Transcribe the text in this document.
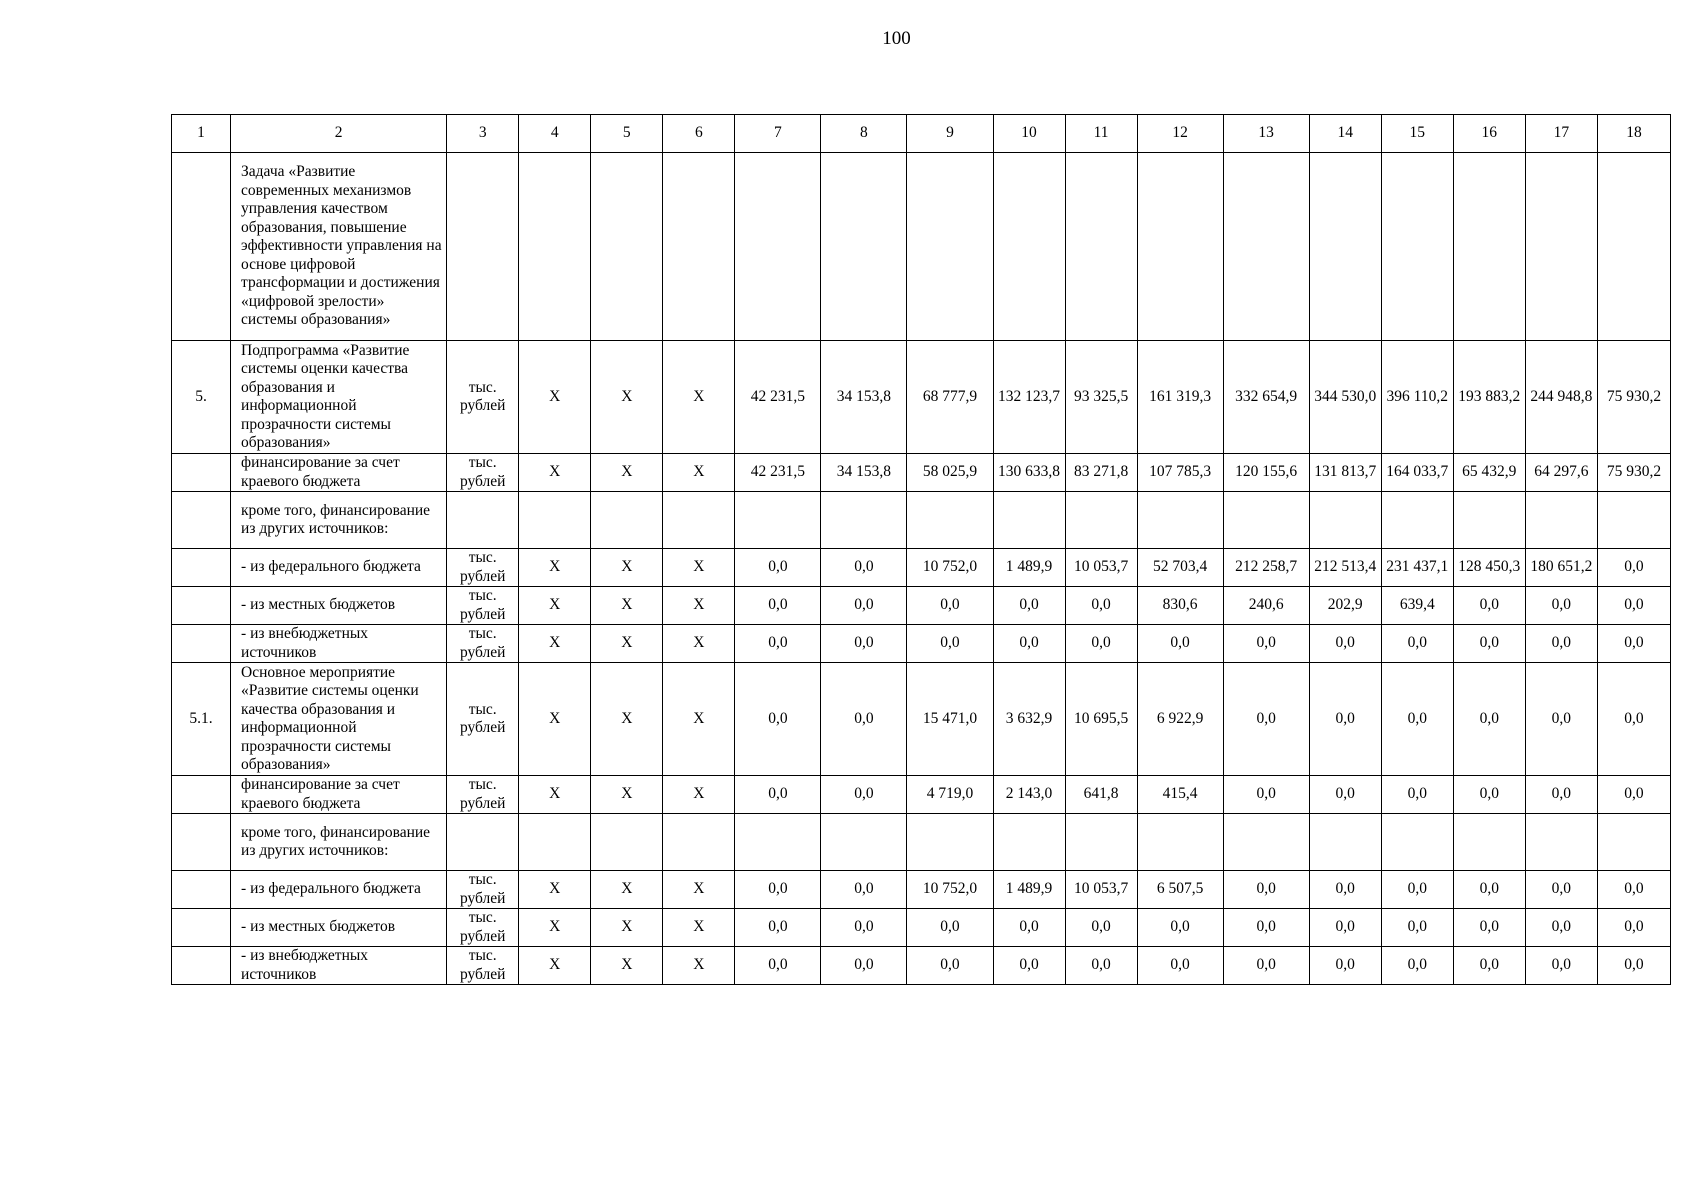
100
1	2	3	4	5	6	7	8	9	10	11	12	13	14	15	16	17	18
	Задача «Развитие современных механизмов управления качеством образования, повышение эффективности управления на основе цифровой трансформации и достижения «цифровой зрелости» системы образования»																
5.	Подпрограмма «Развитие системы оценки качества образования и информационной прозрачности системы образования»	тыс. рублей	Х	Х	Х	42 231,5	34 153,8	68 777,9	132 123,7	93 325,5	161 319,3	332 654,9	344 530,0	396 110,2	193 883,2	244 948,8	75 930,2
	финансирование за счет краевого бюджета	тыс. рублей	Х	Х	Х	42 231,5	34 153,8	58 025,9	130 633,8	83 271,8	107 785,3	120 155,6	131 813,7	164 033,7	65 432,9	64 297,6	75 930,2
	кроме того, финансирование из других источников:																
	- из федерального бюджета	тыс. рублей	Х	Х	Х	0,0	0,0	10 752,0	1 489,9	10 053,7	52 703,4	212 258,7	212 513,4	231 437,1	128 450,3	180 651,2	0,0
	- из местных бюджетов	тыс. рублей	Х	Х	Х	0,0	0,0	0,0	0,0	0,0	830,6	240,6	202,9	639,4	0,0	0,0	0,0
	- из внебюджетных источников	тыс. рублей	Х	Х	Х	0,0	0,0	0,0	0,0	0,0	0,0	0,0	0,0	0,0	0,0	0,0	0,0
5.1.	Основное мероприятие «Развитие системы оценки качества образования и информационной прозрачности системы образования»	тыс. рублей	Х	Х	Х	0,0	0,0	15 471,0	3 632,9	10 695,5	6 922,9	0,0	0,0	0,0	0,0	0,0	0,0
	финансирование за счет краевого бюджета	тыс. рублей	Х	Х	Х	0,0	0,0	4 719,0	2 143,0	641,8	415,4	0,0	0,0	0,0	0,0	0,0	0,0
	кроме того, финансирование из других источников:																
	- из федерального бюджета	тыс. рублей	Х	Х	Х	0,0	0,0	10 752,0	1 489,9	10 053,7	6 507,5	0,0	0,0	0,0	0,0	0,0	0,0
	- из местных бюджетов	тыс. рублей	Х	Х	Х	0,0	0,0	0,0	0,0	0,0	0,0	0,0	0,0	0,0	0,0	0,0	0,0
	- из внебюджетных источников	тыс. рублей	Х	Х	Х	0,0	0,0	0,0	0,0	0,0	0,0	0,0	0,0	0,0	0,0	0,0	0,0
